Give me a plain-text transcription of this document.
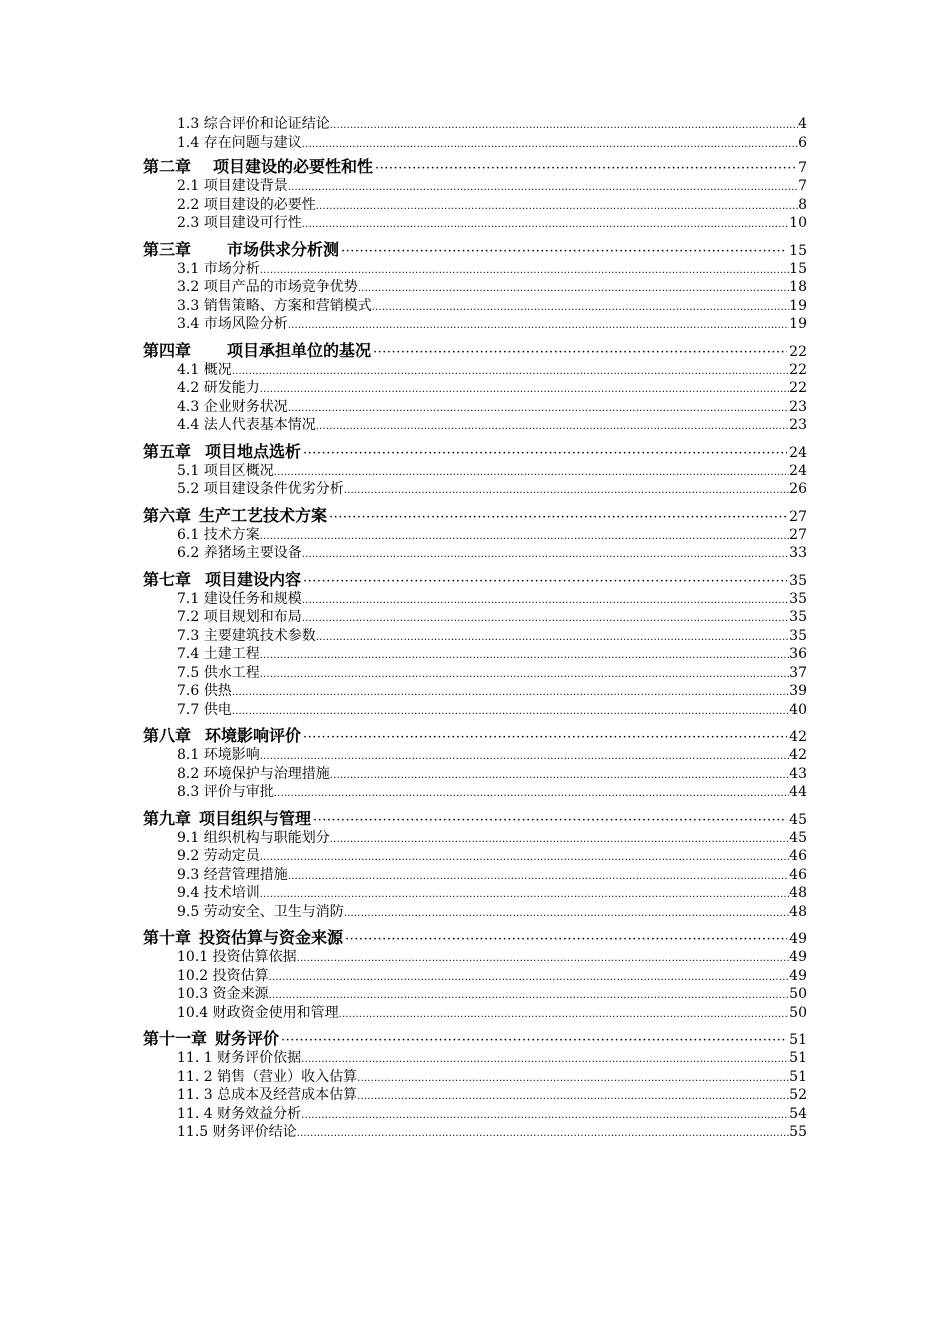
1.3 综合评价和论证结论 .....	4
1.4 存在问题与建议 .....	6
第二章 项目建设的必要性和性 ·····	7
2.1 项目建设背景 .....	7
2.2 项目建设的必要性 .....	8
2.3 项目建设可行性 .....	10
第三章 市场供求分析测 ·····	15
3.1 市场分析 .....	15
3.2 项目产品的市场竞争优势 .....	18
3.3 销售策略、方案和营销模式 .....	19
3.4 市场风险分析 .....	19
第四章 项目承担单位的基况 ·····	22
4.1 概况 .....	22
4.2 研发能力 .....	22
4.3 企业财务状况 .....	23
4.4 法人代表基本情况 .....	23
第五章 项目地点选析 ·····	24
5.1 项目区概况 .....	24
5.2 项目建设条件优劣分析 .....	26
第六章 生产工艺技术方案 ·····	27
6.1 技术方案 .....	27
6.2 养猪场主要设备 .....	33
第七章 项目建设内容 ·····	35
7.1 建设任务和规模 .....	35
7.2 项目规划和布局 .....	35
7.3 主要建筑技术参数 .....	35
7.4 土建工程 .....	36
7.5 供水工程 .....	37
7.6 供热 .....	39
7.7 供电 .....	40
第八章 环境影响评价 ·····	42
8.1 环境影响 .....	42
8.2 环境保护与治理措施 .....	43
8.3 评价与审批 .....	44
第九章 项目组织与管理 ·····	45
9.1 组织机构与职能划分 .....	45
9.2 劳动定员 .....	46
9.3 经营管理措施 .....	46
9.4 技术培训 .....	48
9.5 劳动安全、卫生与消防 .....	48
第十章 投资估算与资金来源 ·····	49
10.1 投资估算依据 .....	49
10.2 投资估算 .....	49
10.3 资金来源 .....	50
10.4 财政资金使用和管理 .....	50
第十一章 财务评价 ·····	51
11. 1 财务评价依据 .....	51
11. 2 销售（营业）收入估算 .....	51
11. 3 总成本及经营成本估算 .....	52
11. 4 财务效益分析 .....	54
11.5 财务评价结论 .....	55
